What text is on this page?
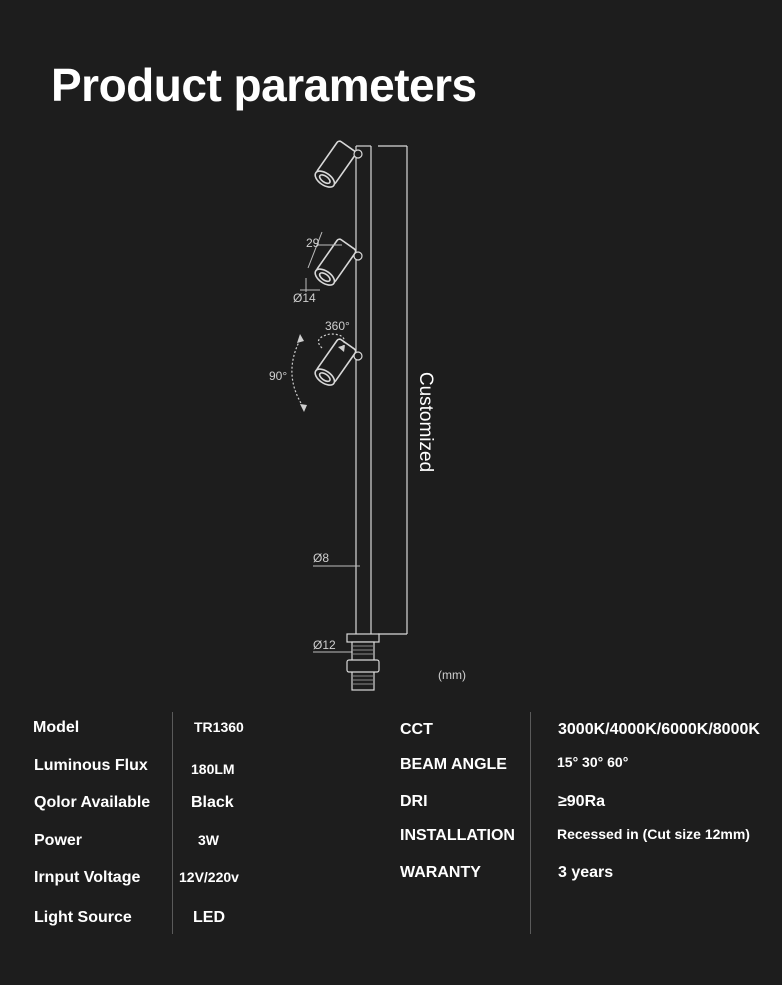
Product parameters
Customized
29
Ø14
360°
90°
Ø8
Ø12
(mm)
Model	TR1360
Luminous Flux	180LM
Qolor Available	Black
Power	3W
Irnput Voltage	12V/220v
Light Source	LED
CCT	3000K/4000K/6000K/8000K
BEAM ANGLE	15° 30° 60°
DRI	≥90Ra
INSTALLATION	Recessed in (Cut size 12mm)
WARANTY	3 years
